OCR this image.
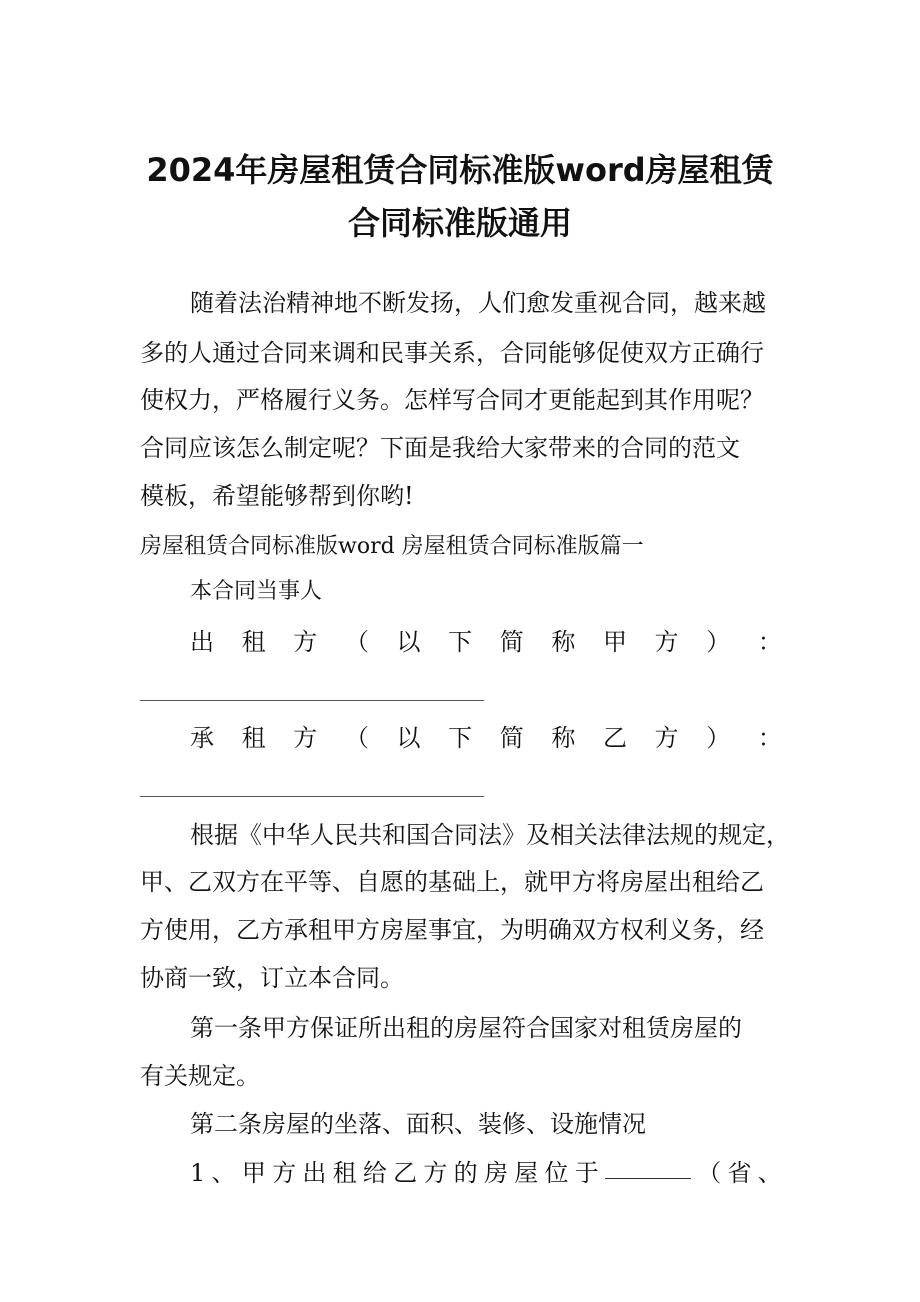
2024年房屋租赁合同标准版word房屋租赁
合同标准版通用
随着法治精神地不断发扬，人们愈发重视合同，越来越
多的人通过合同来调和民事关系，合同能够促使双方正确行
使权力，严格履行义务。怎样写合同才更能起到其作用呢？
合同应该怎么制定呢？下面是我给大家带来的合同的范文
模板，希望能够帮到你哟!
房屋租赁合同标准版word 房屋租赁合同标准版篇一
本合同当事人
出 租 方 （ 以 下 简 称 甲 方 ） ：
承 租 方 （ 以 下 简 称 乙 方 ） ：
根据《中华人民共和国合同法》及相关法律法规的规定，
甲、乙双方在平等、自愿的基础上，就甲方将房屋出租给乙
方使用，乙方承租甲方房屋事宜，为明确双方权利义务，经
协商一致，订立本合同。
第一条甲方保证所出租的房屋符合国家对租赁房屋的
有关规定。
第二条房屋的坐落、面积、装修、设施情况
1 、 甲 方 出 租 给 乙 方 的 房 屋 位 于	（ 省 、
